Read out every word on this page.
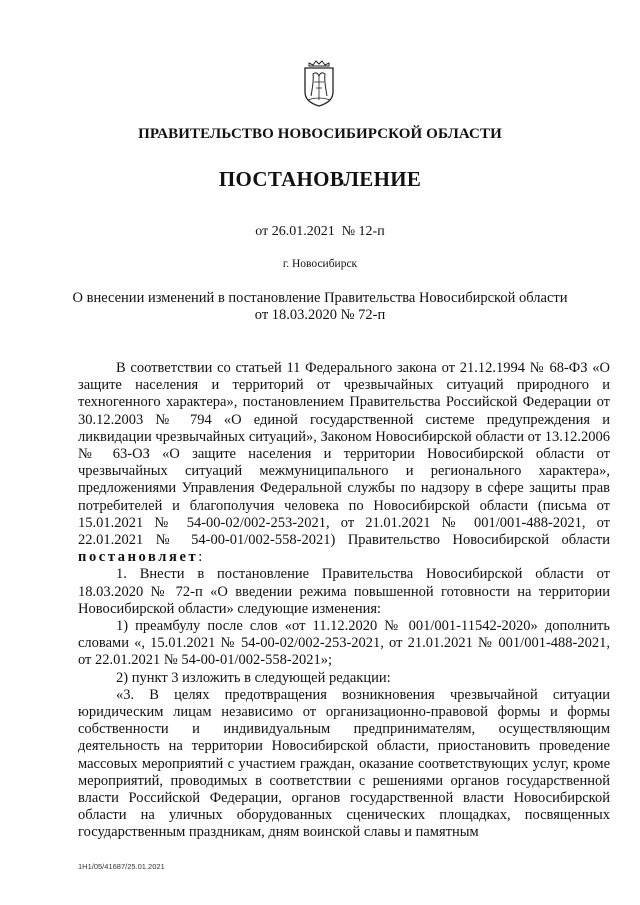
ПРАВИТЕЛЬСТВО НОВОСИБИРСКОЙ ОБЛАСТИ
ПОСТАНОВЛЕНИЕ
от 26.01.2021  № 12-п
г. Новосибирск
О внесении изменений в постановление Правительства Новосибирской области
от 18.03.2020 № 72-п

В соответствии со статьей 11 Федерального закона от 21.12.1994 № 68-ФЗ «О защите населения и территорий от чрезвычайных ситуаций природного и техногенного характера», постановлением Правительства Российской Федерации от 30.12.2003 № 794 «О единой государственной системе предупреждения и ликвидации чрезвычайных ситуаций», Законом Новосибирской области от 13.12.2006 № 63-ОЗ «О защите населения и территории Новосибирской области от чрезвычайных ситуаций межмуниципального и регионального характера», предложениями Управления Федеральной службы по надзору в сфере защиты прав потребителей и благополучия человека по Новосибирской области (письма от 15.01.2021 № 54-00-02/002-253-2021, от 21.01.2021 № 001/001-488-2021, от 22.01.2021 № 54-00-01/002-558-2021) Правительство Новосибирской области постановляет:

1. Внести в постановление Правительства Новосибирской области от 18.03.2020 № 72-п «О введении режима повышенной готовности на территории Новосибирской области» следующие изменения:

1) преамбулу после слов «от 11.12.2020 № 001/001-11542-2020» дополнить словами «, 15.01.2021 № 54-00-02/002-253-2021, от 21.01.2021 № 001/001-488-2021, от 22.01.2021 № 54-00-01/002-558-2021»;

2) пункт 3 изложить в следующей редакции:

«3. В целях предотвращения возникновения чрезвычайной ситуации юридическим лицам независимо от организационно-правовой формы и формы собственности и индивидуальным предпринимателям, осуществляющим деятельность на территории Новосибирской области, приостановить проведение массовых мероприятий с участием граждан, оказание соответствующих услуг, кроме мероприятий, проводимых в соответствии с решениями органов государственной власти Российской Федерации, органов государственной власти Новосибирской области на уличных оборудованных сценических площадках, посвященных государственным праздникам, дням воинской славы и памятным

1Н1/05/41687/25.01.2021
